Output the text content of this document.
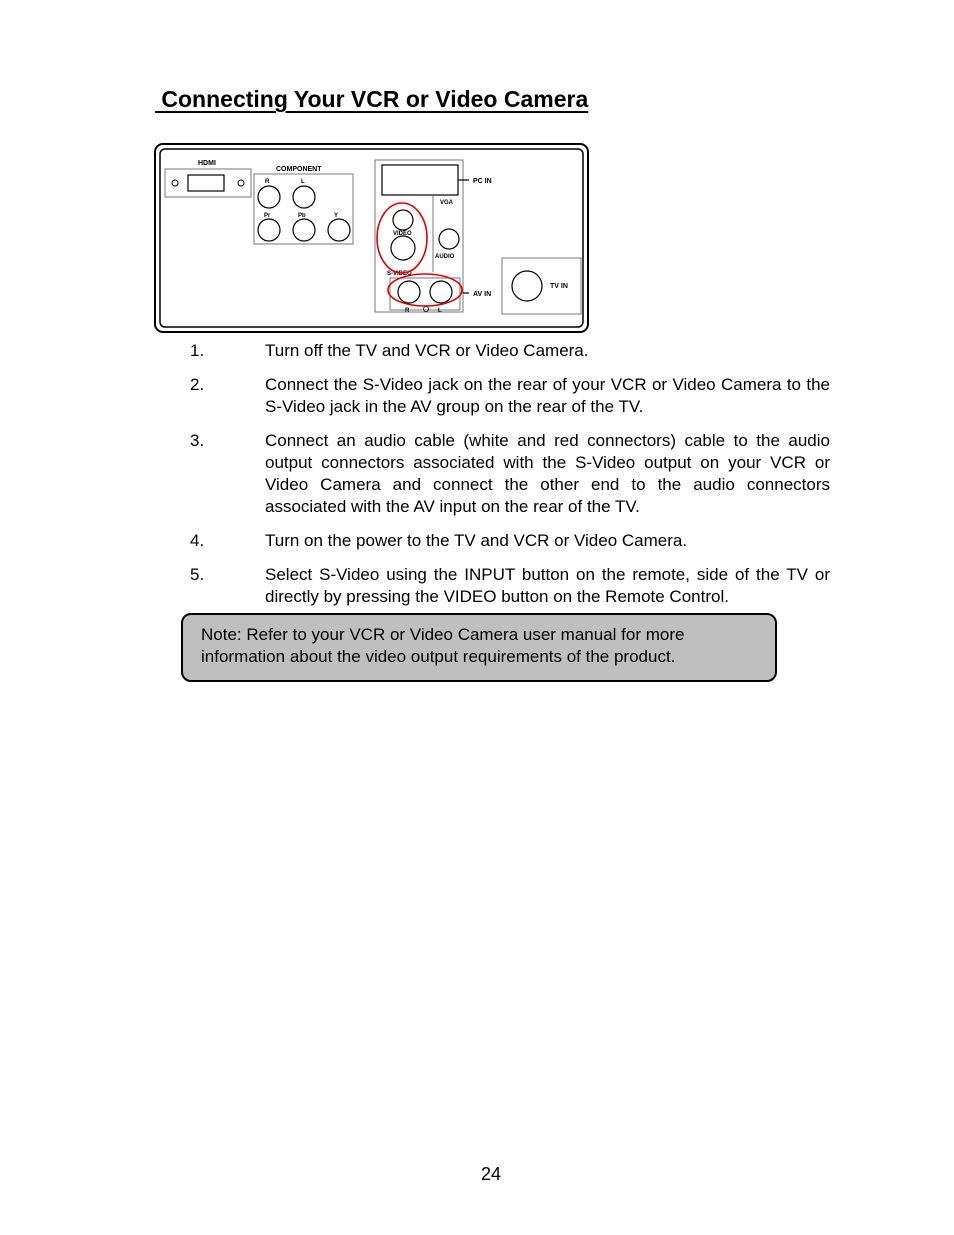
Connecting Your VCR or Video Camera
HDMI
COMPONENT
R	L
Pr	Pb	Y
PC IN
VGA
VIDEO
AUDIO
S-VIDEO
R	L
AV IN
TV IN
1.	Turn off the TV and VCR or Video Camera.
2.	Connect the S-Video jack on the rear of your VCR or Video Camera to the S-Video jack in the AV group on the rear of the TV.
3.	Connect an audio cable (white and red connectors) cable to the audio output connectors associated with the S-Video output on your VCR or Video Camera and connect the other end to the audio connectors associated with the AV input on the rear of the TV.
4.	Turn on the power to the TV and VCR or Video Camera.
5.	Select S-Video using the INPUT button on the remote, side of the TV or directly by pressing the VIDEO button on the Remote Control.
Note: Refer to your VCR or Video Camera user manual for more information about the video output requirements of the product.
24
